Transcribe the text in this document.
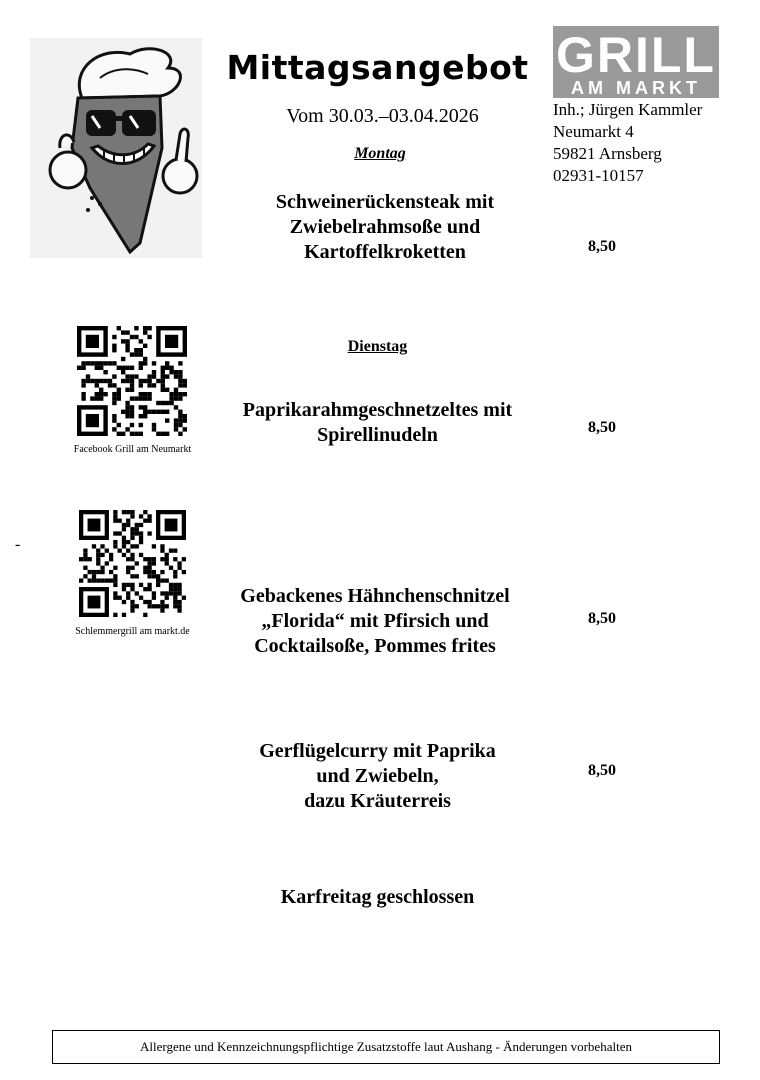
Mittagsangebot
Vom 30.03.–03.04.2026
Montag
GRILL
AM MARKT
Inh.; Jürgen Kammler
Neumarkt 4
59821 Arnsberg
02931-10157
Schweinerückensteak mit
Zwiebelrahmsoße und
Kartoffelkroketten	8,50
Facebook Grill am Neumarkt
Dienstag
Paprikarahmgeschnetzeltes mit
Spirellinudeln	8,50
-
Schlemmergrill am markt.de
Gebackenes Hähnchenschnitzel
„Florida“ mit Pfirsich und
Cocktailsoße, Pommes frites
8,50
Gerflügelcurry mit Paprika
und Zwiebeln,
dazu Kräuterreis
8,50
Karfreitag geschlossen
Allergene und Kennzeichnungspflichtige Zusatzstoffe laut Aushang - Änderungen vorbehalten
